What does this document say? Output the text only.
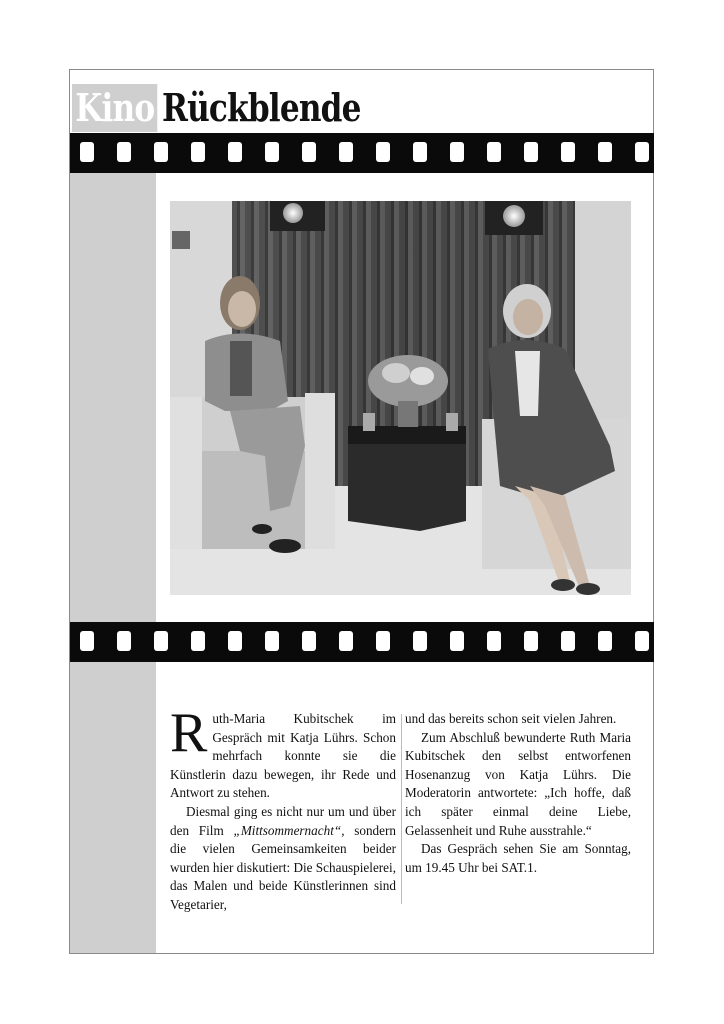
Kino Rückblende

Ruth-Maria Kubitschek im Gespräch mit Katja Lührs. Schon mehrfach konnte sie die Künstlerin dazu bewegen, ihr Rede und Antwort zu stehen.

Diesmal ging es nicht nur um und über den Film „Mittsommernacht“, sondern die vielen Gemeinsamkeiten beider wurden hier diskutiert: Die Schauspielerei, das Malen und beide Künstlerinnen sind Vegetarier,

und das bereits schon seit vielen Jahren.

Zum Abschluß bewunderte Ruth Maria Kubitschek den selbst entworfenen Hosenanzug von Katja Lührs. Die Moderatorin antwortete: „Ich hoffe, daß ich später einmal deine Liebe, Gelassenheit und Ruhe ausstrahle.“

Das Gespräch sehen Sie am Sonntag, um 19.45 Uhr bei SAT.1.
